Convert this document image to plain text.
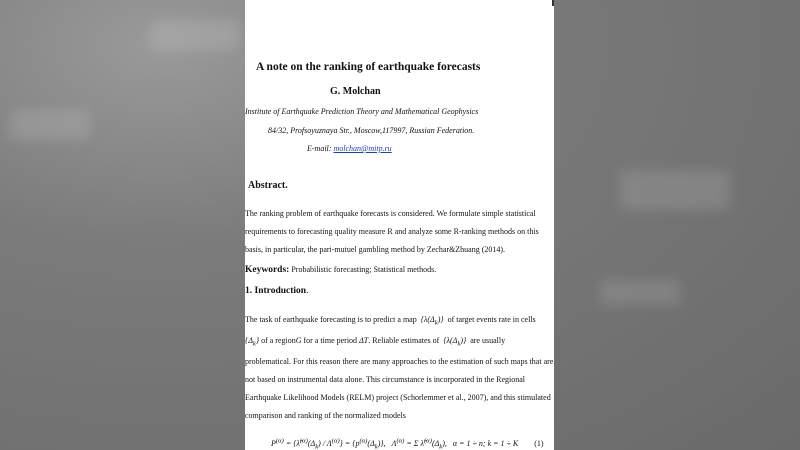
A note on the ranking of earthquake forecasts
G. Molchan
Institute of Earthquake Prediction Theory and Mathematical Geophysics
84/32, Profsoyuznaya Str., Moscow,117997, Russian Federation.
E-mail: molchan@mitp.ru
Abstract.
The ranking problem of earthquake forecasts is considered. We formulate simple statistical
requirements to forecasting quality measure R and analyze some R-ranking methods on this
basis, in particular, the pari-mutuel gambling method by Zechar&Zhuang (2014).
Keywords: Probabilistic forecasting; Statistical methods.
1. Introduction.
The task of earthquake forecasting is to predict a map  $\{\lambda(\Delta_k)\}$  of target events rate in cells
$\{\Delta_k\}$ of a regionG for a time period ΔT. Reliable estimates of  $\{\lambda(\Delta_k)\}$  are usually
problematical. For this reason there are many approaches to the estimation of such maps that are
not based on instrumental data alone. This circumstance is incorporated in the Regional
Earthquake Likelihood Models (RELM) project (Schorlemmer et al., 2007), and this stimulated
comparison and ranking of the normalized models
$P^{(\alpha)}$ = $\{\lambdâ^{(\alpha)}(\Delta_k) / \Lambda^{(\alpha)}\} = \{p^{(\alpha)}(\Delta_k)\}$,   $\Lambda^{(\alpha)} = \Sigma$ $\lambdâ^{(\alpha)}(\Delta_k)$,   α = 1 ÷ n; k = 1 ÷ K (1)
